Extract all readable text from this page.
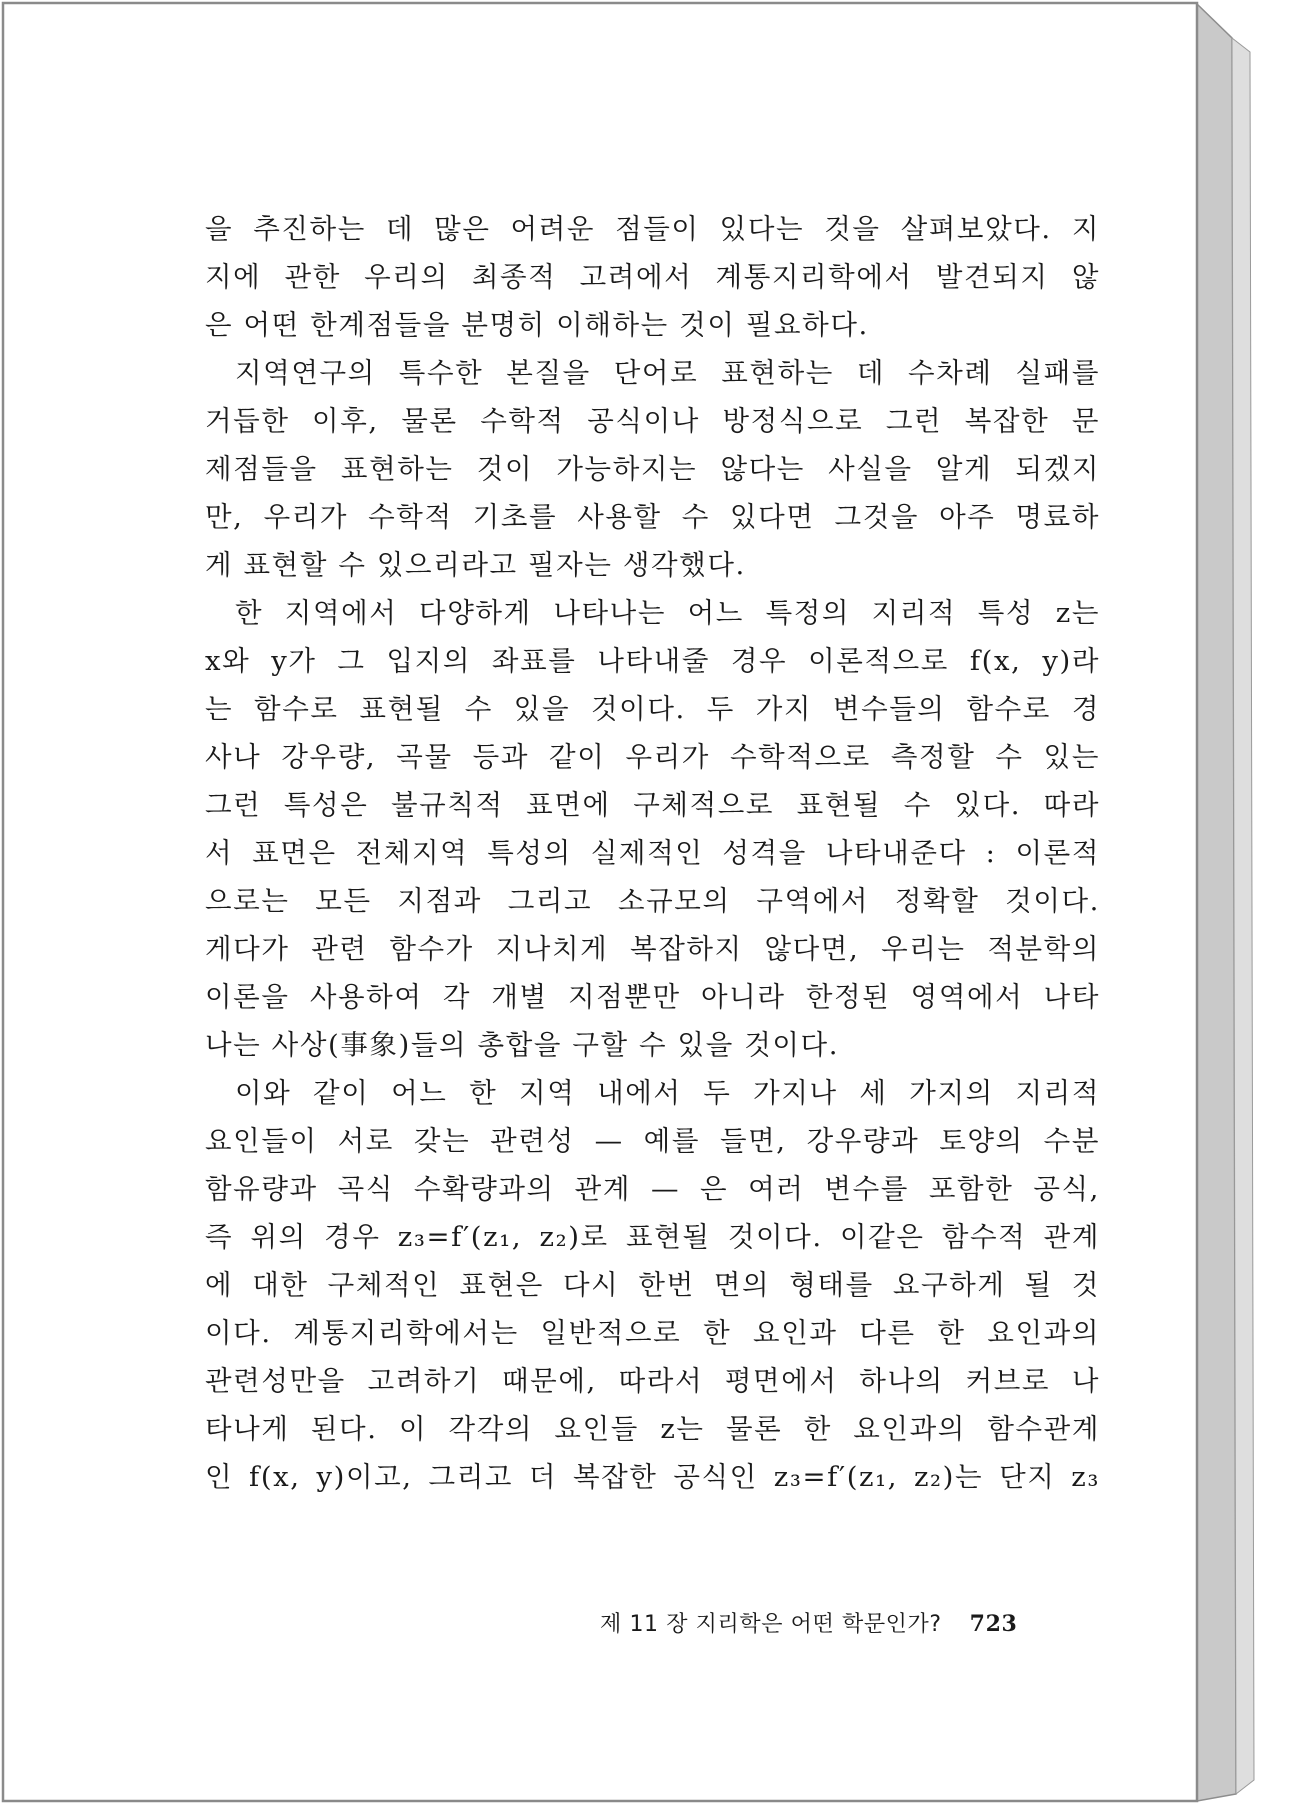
을 추진하는 데 많은 어려운 점들이 있다는 것을 살펴보았다. 지
지에 관한 우리의 최종적 고려에서 계통지리학에서 발견되지 않
은 어떤 한계점들을 분명히 이해하는 것이 필요하다.
지역연구의 특수한 본질을 단어로 표현하는 데 수차례 실패를
거듭한 이후, 물론 수학적 공식이나 방정식으로 그런 복잡한 문
제점들을 표현하는 것이 가능하지는 않다는 사실을 알게 되겠지
만, 우리가 수학적 기초를 사용할 수 있다면 그것을 아주 명료하
게 표현할 수 있으리라고 필자는 생각했다.
한 지역에서 다양하게 나타나는 어느 특정의 지리적 특성 z는
x와 y가 그 입지의 좌표를 나타내줄 경우 이론적으로 f(x, y)라
는 함수로 표현될 수 있을 것이다. 두 가지 변수들의 함수로 경
사나 강우량, 곡물 등과 같이 우리가 수학적으로 측정할 수 있는
그런 특성은 불규칙적 표면에 구체적으로 표현될 수 있다. 따라
서 표면은 전체지역 특성의 실제적인 성격을 나타내준다 : 이론적
으로는 모든 지점과 그리고 소규모의 구역에서 정확할 것이다.
게다가 관련 함수가 지나치게 복잡하지 않다면, 우리는 적분학의
이론을 사용하여 각 개별 지점뿐만 아니라 한정된 영역에서 나타
나는 사상(事象)들의 총합을 구할 수 있을 것이다.
이와 같이 어느 한 지역 내에서 두 가지나 세 가지의 지리적
요인들이 서로 갖는 관련성 — 예를 들면, 강우량과 토양의 수분
함유량과 곡식 수확량과의 관계 — 은 여러 변수를 포함한 공식,
즉 위의 경우 z₃=f′(z₁, z₂)로 표현될 것이다. 이같은 함수적 관계
에 대한 구체적인 표현은 다시 한번 면의 형태를 요구하게 될 것
이다. 계통지리학에서는 일반적으로 한 요인과 다른 한 요인과의
관련성만을 고려하기 때문에, 따라서 평면에서 하나의 커브로 나
타나게 된다. 이 각각의 요인들 z는 물론 한 요인과의 함수관계
인 f(x, y)이고, 그리고 더 복잡한 공식인 z₃=f′(z₁, z₂)는 단지 z₃
제 11 장 지리학은 어떤 학문인가? 723
